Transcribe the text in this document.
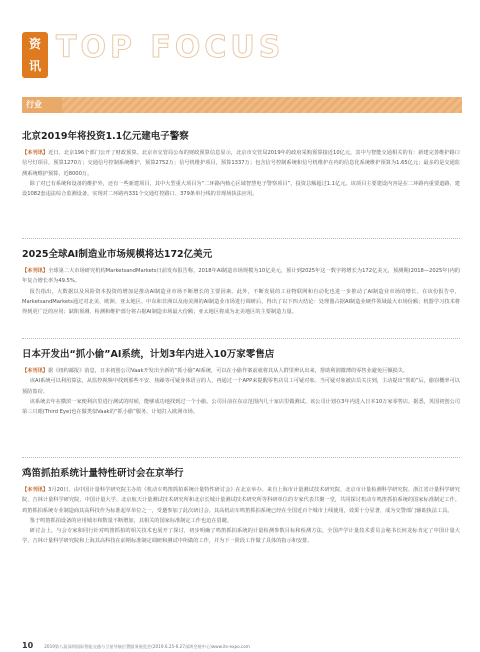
资
讯
TOP FOCUS
行业
北京2019年将投资1.1亿元建电子警察

【本刊讯】近日，北京196个部门公开了财政预算。北京市交管局公布的财政预算信息显示，北京市交管局2019年的政府采购预算接近10亿元，其中与智能交通相关的有：新建完善维护路口信号灯项目，预算1270万；交通信号控制系统维护，预算2752万；信号机维护项目，预算1337万；包含信号控制系统和信号机维护在内的信息化系统维护预算为1.65亿元；最多的是交通监测系统维护预算，近8000万。

除了对已有系统和设备的维护外，还有一些新建项目，其中大型重大项目为“二环路内核心区域智慧电子警察项目”，投资总额超过1.1亿元。该项目主要建设内容是在二环路内重要道路，建设1082套违法综合监测设备，实现对二环路内331个交通灯控路口、379条单行线的非现场执法应用。

2025全球AI制造业市场规模将达172亿美元

【本刊讯】全球第二大市场研究机构MarketsandMarkets日前发布报告称，2018年AI制造市场规模为10亿美元，预计到2025年这一数字将增长为172亿美元，预测期(2018—2025年)内的年复合增长率为49.5%。

报告指出，大数据以及风险资本投资的增加是推动AI制造业市场不断增长的主要因素。此外，不断发展的工业物联网和自动化也进一步推动了AI制造业市场的增长。在该份报告中，MarketsandMarkets通过对北美、欧洲、亚太地区、中东和非洲以及南美洲的AI制造业市场进行调研后，得出了以下四大结论：处理器占据AI制造业硬件领域最大市场份额；机器学习技术将得到更广泛的应用；缺陷预测、检测和维护部分将占据AI制造市场最大份额；亚太地区将成为北美地区的主要制造力量。

日本开发出“抓小偷”AI系统，计划3年内进入10万家零售店

【本刊讯】据《纽约邮报》消息，日本初创公司Vaak开发出全新的“抓小偷”AI系统，可以在小偷作案前就将其从人群里辨认出来，帮助利润微薄的零售业避免巨额损失。

该AI系统可以利用算法，从监控视频中找到那些不安、焦躁等可疑身体语言的人，再通过一个APP来提醒零售店员工可疑对象。当可疑对象被店员关注到，主动提出“帮助”后，偷窃概率可以预防盗窃。

该系统去年在横滨一家便利店里进行测试的时候，能够成功地找到过一个小偷。公司目前在东京范围内几十家店里做测试。该公司计划在3年内进入日本10万家零售店。据悉，英国初创公司第三只眼(Third Eye)也在做类似Vaak的“抓小偷”服务，计划打入欧洲市场。

鸡笛抓拍系统计量特性研讨会在京举行

【本刊讯】3月20日，由中国计量科学研究院主办的《机动车鸣笛抓拍系统计量特性研讨会》在北京举办。来自上海市计量测试技术研究院、北京市计量检测科学研究院、浙江省计量科学研究院、吉林计量科学研究院、中国计量大学、北京航天计量测试技术研究所和北京长城计量测试技术研究所等科研单位的专家代表共聚一堂，共同探讨机动车鸣笛抓拍系统的国家标准制定工作。鸡笛抓拍系统专业制造商其高科技作为标准起草单位之一，受邀参加了此次研讨会。其高机动车鸣笛抓拍系统已经在全国近百个城市上线使用，效果十分显著，成为交警部门辅助执法工具。

鉴于鸣笛抓拍设备的应用城市和数量不断增加，其相关的国家标准制定工作也迫在眉睫。

研讨会上，与会专家和同行针对鸣笛抓拍的相关技术也展开了探讨，初步明确了鸣笛抓拍系统的计量检测参数目标和检测方法，全国声学计量技术委员会秘书长何龙标肯定了中国计量大学、吉林计量科学研究院和上海其高科技在前期标准制定调研和测试中所做的工作，并为下一阶段工作做了具体的指示和安排。

10	2019第八届深圳国际智能交通与卫星导航位置服务展览会(2019.6.25-6.27深圳会展中心)www.its-expo.com
